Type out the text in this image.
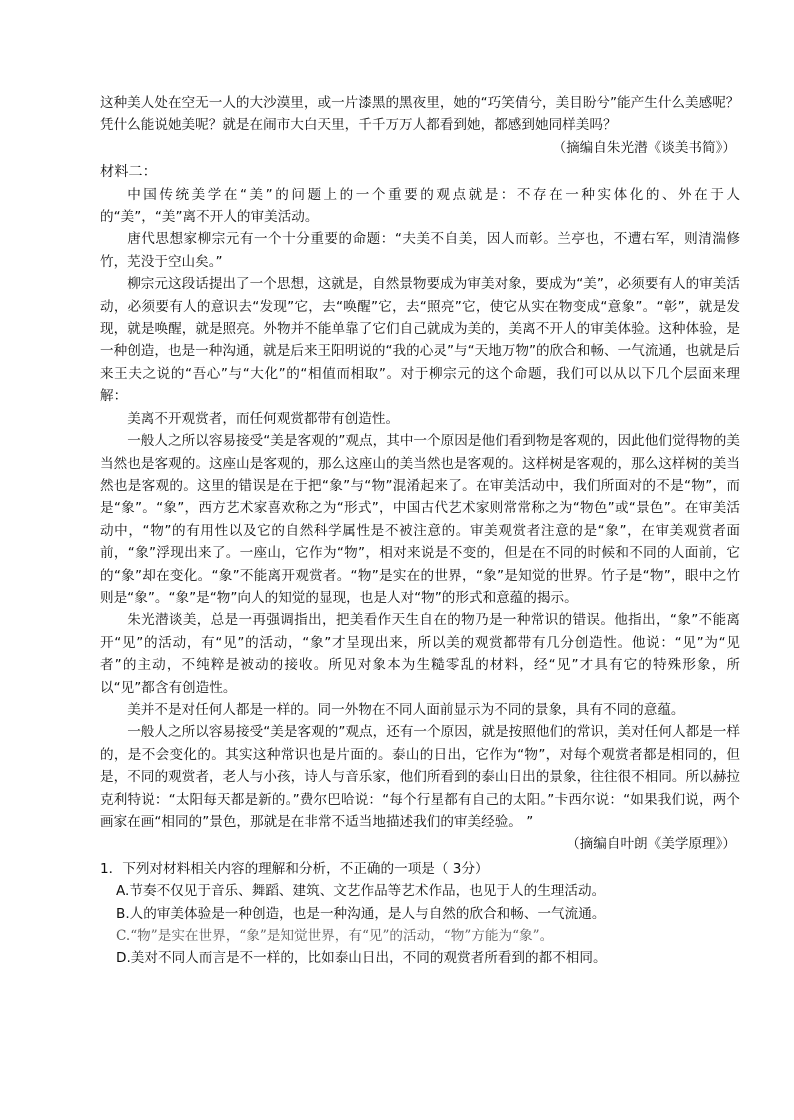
这种美人处在空无一人的大沙漠里，或一片漆黑的黑夜里，她的“巧笑倩兮，美目盼兮”能产生什么美感呢？

凭什么能说她美呢？就是在闹市大白天里，千千万万人都看到她，都感到她同样美吗？

（摘编自朱光潜《谈美书简》）

材料二：

中国传统美学在“美”的问题上的一个重要的观点就是：不存在一种实体化的、外在于人的“美”，“美”离不开人的审美活动。

唐代思想家柳宗元有一个十分重要的命题：“夫美不自美，因人而彰。兰亭也，不遭右军，则清湍修竹，芜没于空山矣。”

柳宗元这段话提出了一个思想，这就是，自然景物要成为审美对象，要成为“美”，必须要有人的审美活动，必须要有人的意识去“发现”它，去“唤醒”它，去“照亮”它，使它从实在物变成“意象”。“彰”，就是发现，就是唤醒，就是照亮。外物并不能单靠了它们自己就成为美的，美离不开人的审美体验。这种体验，是一种创造，也是一种沟通，就是后来王阳明说的“我的心灵”与“天地万物”的欣合和畅、一气流通，也就是后来王夫之说的“吾心”与“大化”的“相值而相取”。对于柳宗元的这个命题，我们可以从以下几个层面来理解：

美离不开观赏者，而任何观赏都带有创造性。

一般人之所以容易接受“美是客观的”观点，其中一个原因是他们看到物是客观的，因此他们觉得物的美当然也是客观的。这座山是客观的，那么这座山的美当然也是客观的。这样树是客观的，那么这样树的美当然也是客观的。这里的错误是在于把“象”与“物”混淆起来了。在审美活动中，我们所面对的不是“物”，而是“象”。“象”，西方艺术家喜欢称之为“形式”，中国古代艺术家则常常称之为“物色”或“景色”。在审美活动中，“物”的有用性以及它的自然科学属性是不被注意的。审美观赏者注意的是“象”，在审美观赏者面前，“象”浮现出来了。一座山，它作为“物”，相对来说是不变的，但是在不同的时候和不同的人面前，它的“象”却在变化。“象”不能离开观赏者。“物”是实在的世界，“象”是知觉的世界。竹子是“物”，眼中之竹则是“象”。“象”是“物”向人的知觉的显现，也是人对“物”的形式和意蕴的揭示。

朱光潜谈美，总是一再强调指出，把美看作天生自在的物乃是一种常识的错误。他指出，“象”不能离开“见”的活动，有“见”的活动，“象”才呈现出来，所以美的观赏都带有几分创造性。他说：“见”为“见者”的主动，不纯粹是被动的接收。所见对象本为生糙零乱的材料，经“见”才具有它的特殊形象，所以“见”都含有创造性。

美并不是对任何人都是一样的。同一外物在不同人面前显示为不同的景象，具有不同的意蕴。

一般人之所以容易接受“美是客观的”观点，还有一个原因，就是按照他们的常识，美对任何人都是一样的，是不会变化的。其实这种常识也是片面的。泰山的日出，它作为“物”，对每个观赏者都是相同的，但是，不同的观赏者，老人与小孩，诗人与音乐家，他们所看到的泰山日出的景象，往往很不相同。所以赫拉克利特说：“太阳每天都是新的。”费尔巴哈说：“每个行星都有自己的太阳。”卡西尔说：“如果我们说，两个画家在画“相同的”景色，那就是在非常不适当地描述我们的审美经验。 ”

（摘编自叶朗《美学原理》）

1．下列对材料相关内容的理解和分析，不正确的一项是（ 3分）

A.节奏不仅见于音乐、舞蹈、建筑、文艺作品等艺术作品，也见于人的生理活动。

B.人的审美体验是一种创造，也是一种沟通，是人与自然的欣合和畅、一气流通。

C.“物”是实在世界，“象”是知觉世界，有“见”的活动，“物”方能为“象”。

D.美对不同人而言是不一样的，比如泰山日出，不同的观赏者所看到的都不相同。
